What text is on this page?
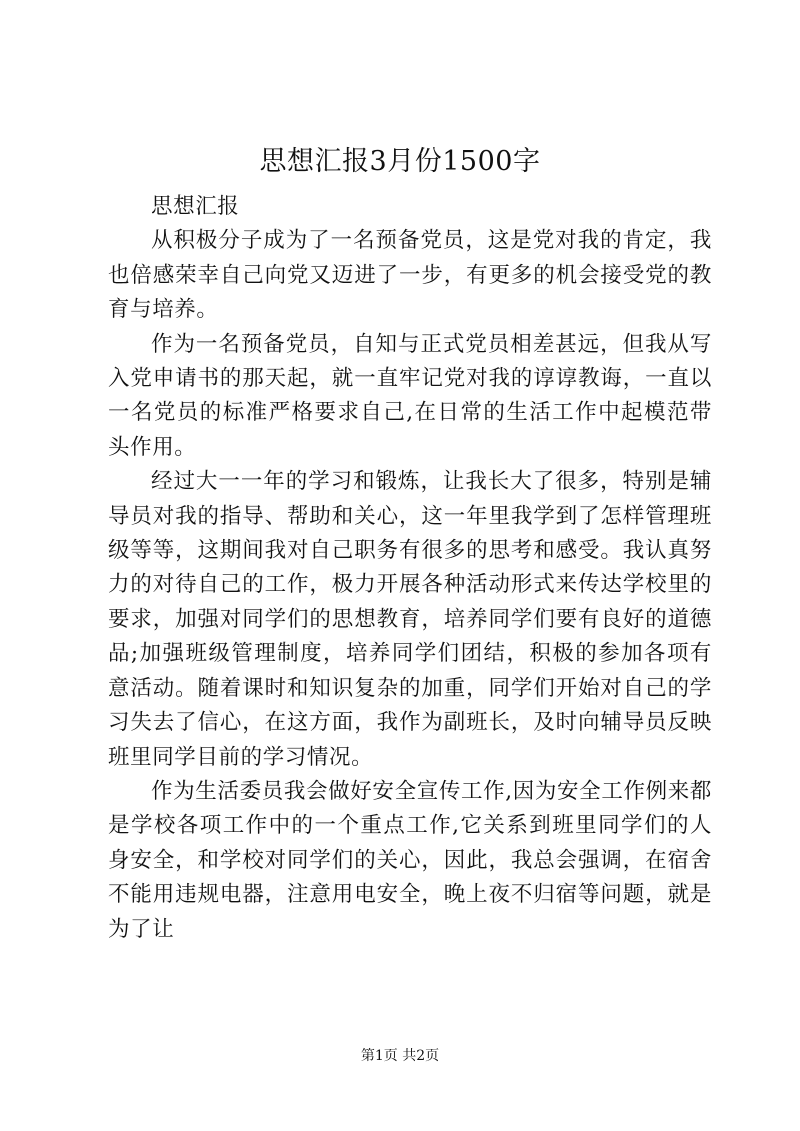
思想汇报3月份1500字

思想汇报

从积极分子成为了一名预备党员，这是党对我的肯定，我也倍感荣幸自己向党又迈进了一步，有更多的机会接受党的教育与培养。

作为一名预备党员，自知与正式党员相差甚远，但我从写入党申请书的那天起，就一直牢记党对我的谆谆教诲，一直以一名党员的标准严格要求自己,在日常的生活工作中起模范带头作用。

经过大一一年的学习和锻炼，让我长大了很多，特别是辅导员对我的指导、帮助和关心，这一年里我学到了怎样管理班级等等，这期间我对自己职务有很多的思考和感受。我认真努力的对待自己的工作，极力开展各种活动形式来传达学校里的要求，加强对同学们的思想教育，培养同学们要有良好的道德品;加强班级管理制度，培养同学们团结，积极的参加各项有意活动。随着课时和知识复杂的加重，同学们开始对自己的学习失去了信心，在这方面，我作为副班长，及时向辅导员反映班里同学目前的学习情况。

作为生活委员我会做好安全宣传工作,因为安全工作例来都是学校各项工作中的一个重点工作,它关系到班里同学们的人身安全，和学校对同学们的关心，因此，我总会强调，在宿舍不能用违规电器，注意用电安全，晚上夜不归宿等问题，就是为了让

第1页 共2页
